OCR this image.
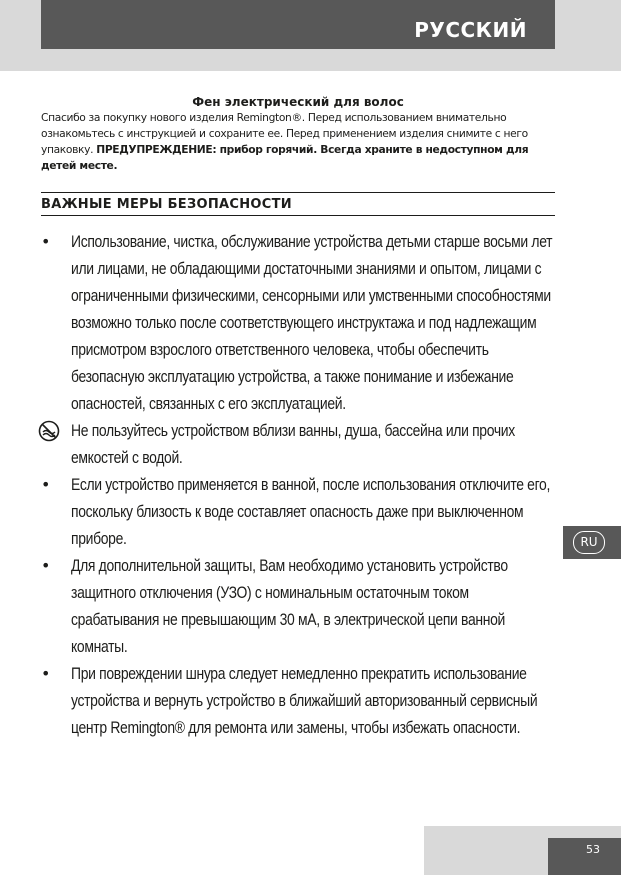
РУССКИЙ
Фен электрический для волос
Спасибо за покупку нового изделия Remington®. Перед использованием внимательно ознакомьтесь с инструкцией и сохраните ее. Перед применением изделия снимите с него упаковку. ПРЕДУПРЕЖДЕНИЕ: прибор горячий. Всегда храните в недоступном для детей месте.
ВАЖНЫЕ МЕРЫ БЕЗОПАСНОСТИ
• Использование, чистка, обслуживание устройства детьми старше восьми лет или лицами, не обладающими достаточными знаниями и опытом, лицами с ограниченными физическими, сенсорными или умственными способностями возможно только после соответствующего инструктажа и под надлежащим присмотром взрослого ответственного человека, чтобы обеспечить безопасную эксплуатацию устройства, а также понимание и избежание опасностей, связанных с его эксплуатацией.
Не пользуйтесь устройством вблизи ванны, душа, бассейна или прочих емкостей с водой.
• Если устройство применяется в ванной, после использования отключите его, поскольку близость к воде составляет опасность даже при выключенном приборе.
• Для дополнительной защиты, Вам необходимо установить устройство защитного отключения (УЗО) с номинальным остаточным током срабатывания не превышающим 30 мА, в электрической цепи ванной комнаты.
• При повреждении шнура следует немедленно прекратить использование устройства и вернуть устройство в ближайший авторизованный сервисный центр Remington® для ремонта или замены, чтобы избежать опасности.
RU
53
